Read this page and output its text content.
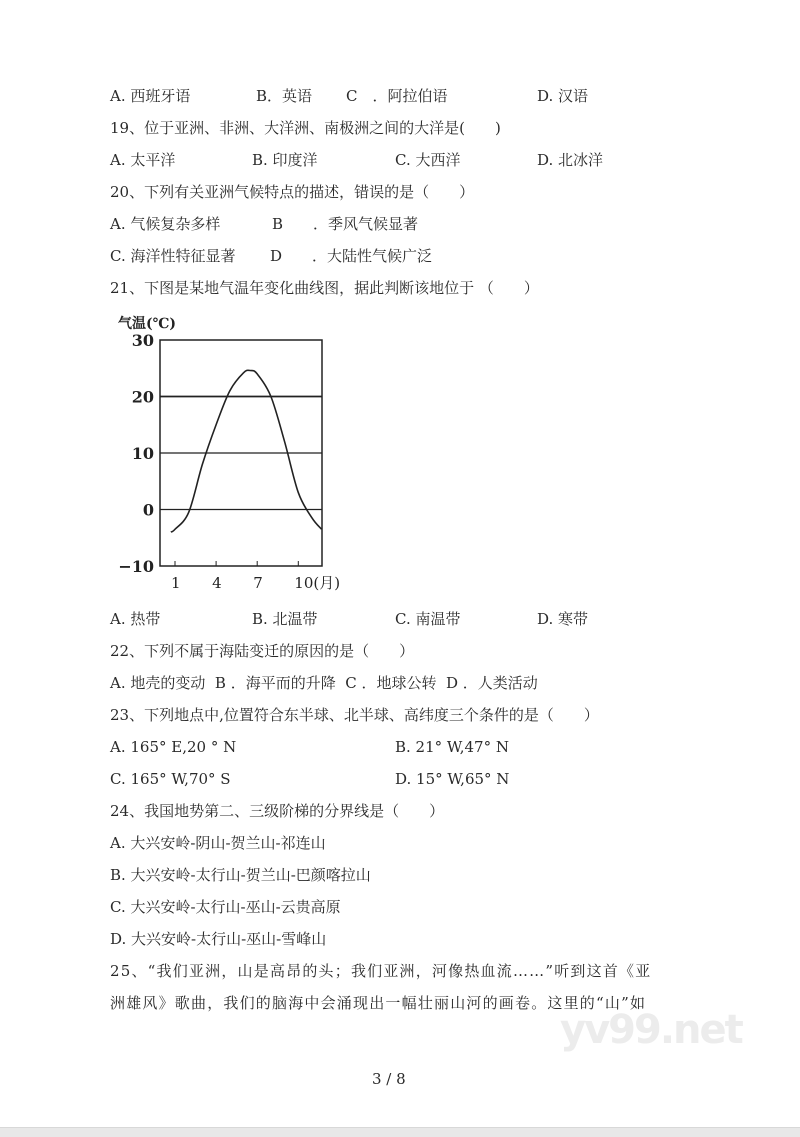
yv99.net
A. 西班牙语	B．英语 C　．阿拉伯语	D. 汉语
19、位于亚洲、非洲、大洋洲、南极洲之间的大洋是(　　)
A. 太平洋	B. 印度洋	C. 大西洋	D. 北冰洋
20、下列有关亚洲气候特点的描述，错误的是（　　）
A. 气候复杂多样	B　　．季风气候显著
C. 海洋性特征显著 D　　．大陆性气候广泛
21、下图是某地气温年变化曲线图，据此判断该地位于 （　　）
气温(℃)
30
20
10
0
−10
1 4 7 10(月)
A. 热带	B. 北温带	C. 南温带	D. 寒带
22、下列不属于海陆变迁的原因的是（　　）
A. 地壳的变动  B ．海平而的升降  C ．地球公转  D ．人类活动
23、下列地点中,位置符合东半球、北半球、高纬度三个条件的是（　　）
A. 165° E,20 ° N	B. 21° W,47° N
C. 165° W,70° S	D. 15° W,65° N
24、我国地势第二、三级阶梯的分界线是（　　）
A. 大兴安岭-阴山-贺兰山-祁连山
B. 大兴安岭-太行山-贺兰山-巴颜喀拉山
C. 大兴安岭-太行山-巫山-云贵高原
D. 大兴安岭-太行山-巫山-雪峰山
25、“我们亚洲，山是高昂的头；我们亚洲，河像热血流……”听到这首《亚
洲雄风》歌曲，我们的脑海中会涌现出一幅壮丽山河的画卷。这里的“山”如
3 / 8
